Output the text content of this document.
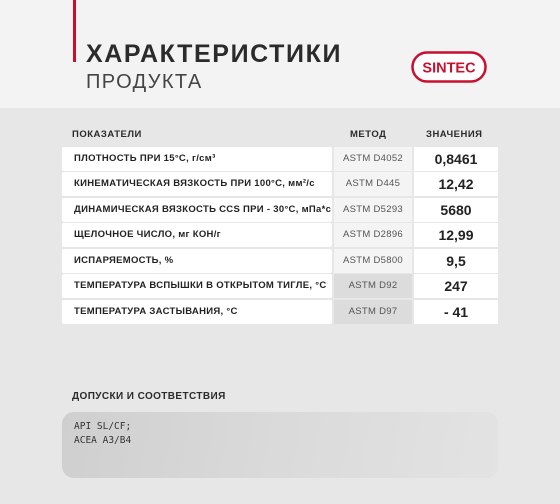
ХАРАКТЕРИСТИКИ
ПРОДУКТА
SINTEC
ПОКАЗАТЕЛИ	МЕТОД	ЗНАЧЕНИЯ
ПЛОТНОСТЬ ПРИ 15°С, г/см³	ASTM D4052	0,8461
КИНЕМАТИЧЕСКАЯ ВЯЗКОСТЬ ПРИ 100°С, мм²/с	ASTM D445	12,42
ДИНАМИЧЕСКАЯ ВЯЗКОСТЬ CCS ПРИ - 30°С, мПа*с	ASTM D5293	5680
ЩЕЛОЧНОЕ ЧИСЛО, мг КОН/г	ASTM D2896	12,99
ИСПАРЯЕМОСТЬ, %	ASTM D5800	9,5
ТЕМПЕРАТУРА ВСПЫШКИ В ОТКРЫТОМ ТИГЛЕ, °С	ASTM D92	247
ТЕМПЕРАТУРА ЗАСТЫВАНИЯ, °С	ASTM D97	- 41
ДОПУСКИ И СООТВЕТСТВИЯ
API SL/CF;
ACEA A3/B4
